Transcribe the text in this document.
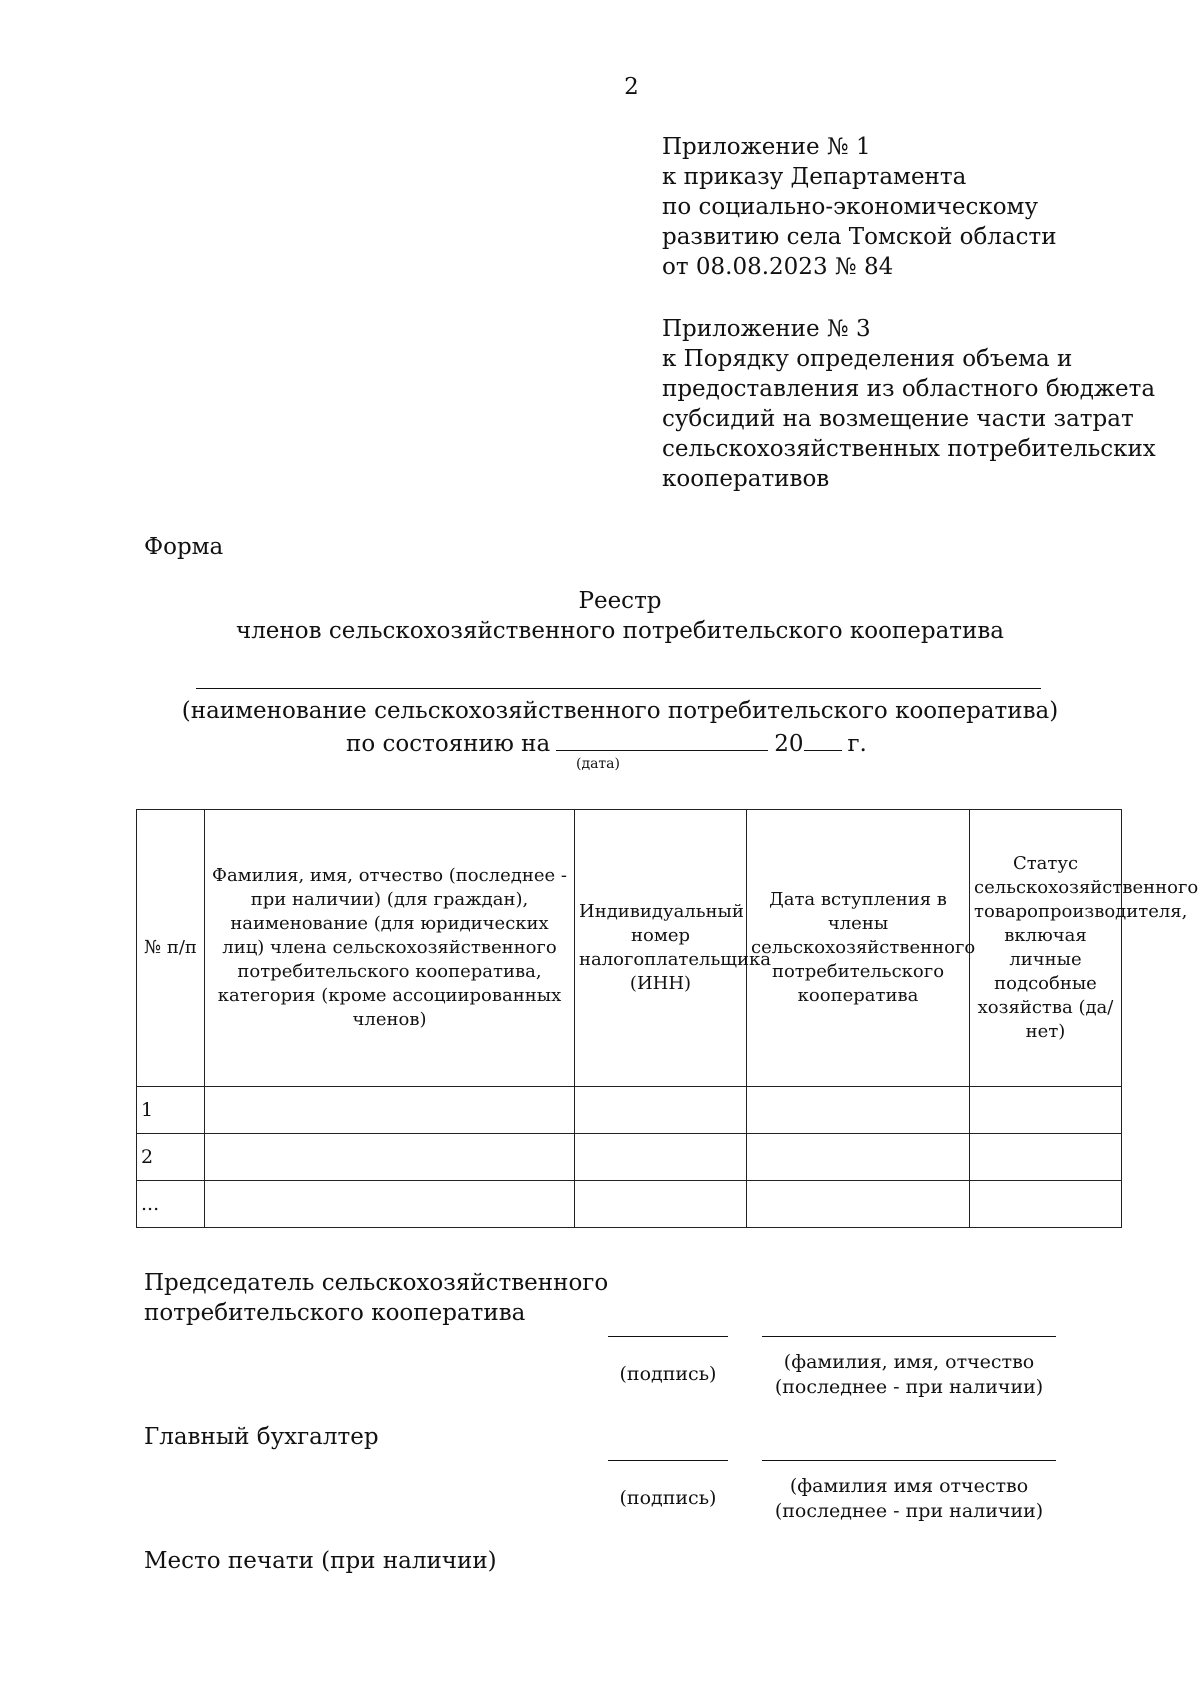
2
Приложение № 1
к приказу Департамента
по социально-экономическому
развитию села Томской области
от 08.08.2023 № 84
Приложение № 3
к Порядку определения объема и
предоставления из областного бюджета
субсидий на возмещение части затрат
сельскохозяйственных потребительских
кооперативов
Форма
Реестр
членов сельскохозяйственного потребительского кооператива
(наименование сельскохозяйственного потребительского кооператива)
по состоянию на	20 г.
(дата)
№ п/п	Фамилия, имя, отчество (последнее - при наличии) (для граждан), наименование (для юридических лиц) члена сельскохозяйственного потребительского кооператива, категория (кроме ассоциированных членов)	Индивидуальный номер налогоплательщика (ИНН)	Дата вступления в члены сельскохозяйственного потребительского кооператива	Статус сельскохозяйственного товаропроизводителя, включая личные подсобные хозяйства (да/нет)
1				
2				
...				
Председатель сельскохозяйственного
потребительского кооператива
(подпись)
(фамилия, имя, отчество
(последнее - при наличии)
Главный бухгалтер
(подпись)
(фамилия имя отчество
(последнее - при наличии)
Место печати (при наличии)
